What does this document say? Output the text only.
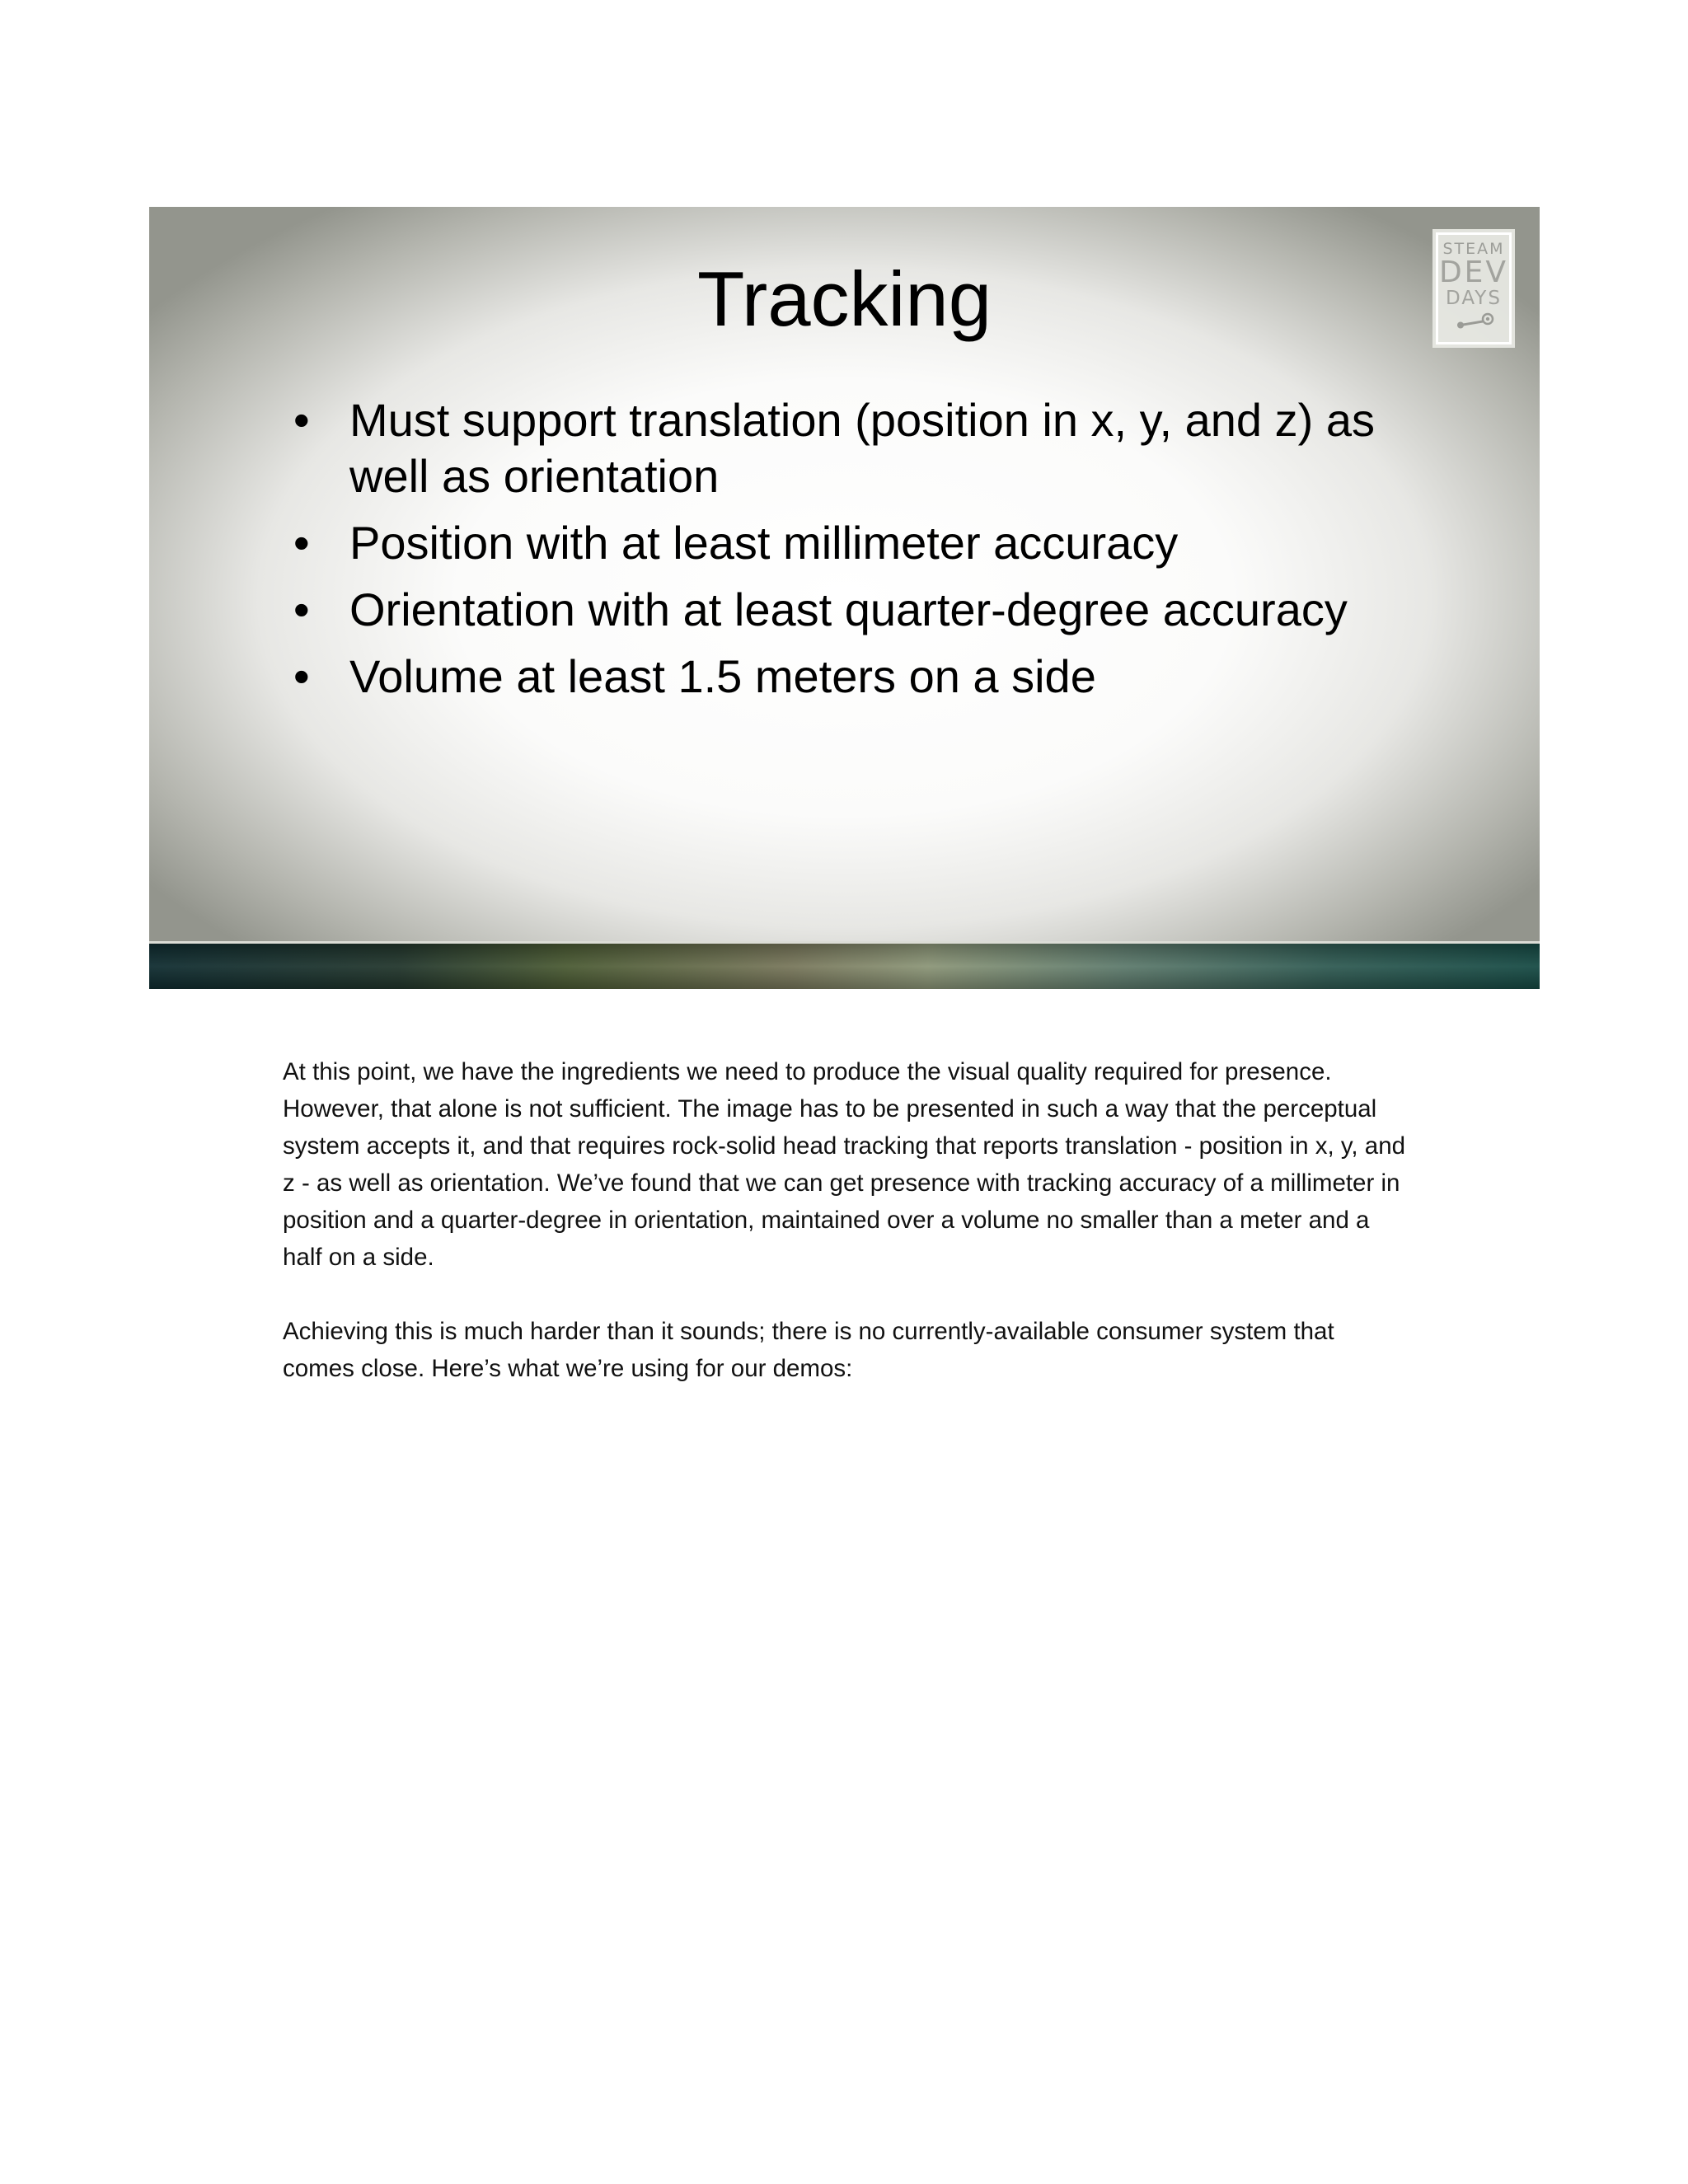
Tracking
• Must support translation (position in x, y, and z) as well as orientation
• Position with at least millimeter accuracy
• Orientation with at least quarter-degree accuracy
• Volume at least 1.5 meters on a side
STEAM
DEV
DAYS

At this point, we have the ingredients we need to produce the visual quality required for presence. However, that alone is not sufficient. The image has to be presented in such a way that the perceptual system accepts it, and that requires rock-solid head tracking that reports translation - position in x, y, and z - as well as orientation. We’ve found that we can get presence with tracking accuracy of a millimeter in position and a quarter-degree in orientation, maintained over a volume no smaller than a meter and a half on a side.

Achieving this is much harder than it sounds; there is no currently-available consumer system that comes close. Here’s what we’re using for our demos:
